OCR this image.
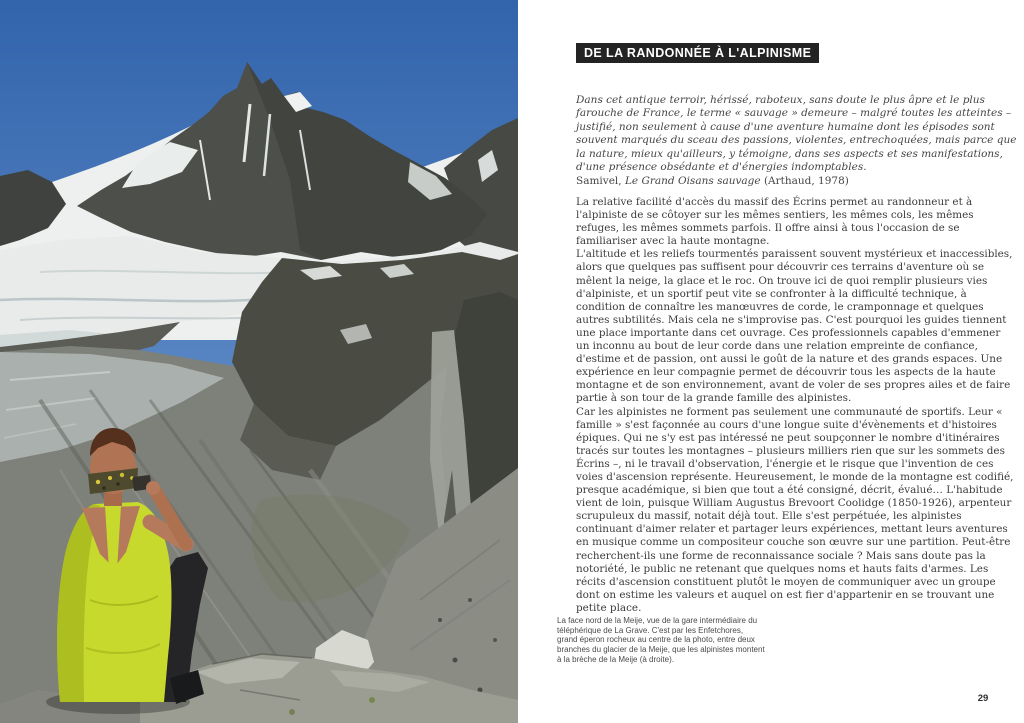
DE LA RANDONNÉE À L'ALPINISME
Dans cet antique terroir, hérissé, raboteux, sans doute le plus âpre et le plus farouche de France, le terme « sauvage » demeure – malgré toutes les atteintes – justifié, non seulement à cause d'une aventure humaine dont les épisodes sont souvent marqués du sceau des passions, violentes, entrechoquées, mais parce que la nature, mieux qu'ailleurs, y témoigne, dans ses aspects et ses manifestations, d'une présence obsédante et d'énergies indomptables.
Samivel, Le Grand Oisans sauvage (Arthaud, 1978)

La relative facilité d'accès du massif des Écrins permet au randonneur et à l'alpiniste de se côtoyer sur les mêmes sentiers, les mêmes cols, les mêmes refuges, les mêmes sommets parfois. Il offre ainsi à tous l'occasion de se familiariser avec la haute montagne.

L'altitude et les reliefs tourmentés paraissent souvent mystérieux et inaccessibles, alors que quelques pas suffisent pour découvrir ces terrains d'aventure où se mêlent la neige, la glace et le roc. On trouve ici de quoi remplir plusieurs vies d'alpiniste, et un sportif peut vite se confronter à la difficulté technique, à condition de connaître les manœuvres de corde, le cramponnage et quelques autres subtilités. Mais cela ne s'improvise pas. C'est pourquoi les guides tiennent une place importante dans cet ouvrage. Ces professionnels capables d'emmener un inconnu au bout de leur corde dans une relation empreinte de confiance, d'estime et de passion, ont aussi le goût de la nature et des grands espaces. Une expérience en leur compagnie permet de découvrir tous les aspects de la haute montagne et de son environnement, avant de voler de ses propres ailes et de faire partie à son tour de la grande famille des alpinistes.

Car les alpinistes ne forment pas seulement une communauté de sportifs. Leur « famille » s'est façonnée au cours d'une longue suite d'évènements et d'histoires épiques. Qui ne s'y est pas intéressé ne peut soupçonner le nombre d'itinéraires tracés sur toutes les montagnes – plusieurs milliers rien que sur les sommets des Écrins –, ni le travail d'observation, l'énergie et le risque que l'invention de ces voies d'ascension représente. Heureusement, le monde de la montagne est codifié, presque académique, si bien que tout a été consigné, décrit, évalué… L'habitude vient de loin, puisque William Augustus Brevoort Coolidge (1850-1926), arpenteur scrupuleux du massif, notait déjà tout. Elle s'est perpétuée, les alpinistes continuant d'aimer relater et partager leurs expériences, mettant leurs aventures en musique comme un compositeur couche son œuvre sur une partition. Peut-être recherchent-ils une forme de reconnaissance sociale ? Mais sans doute pas la notoriété, le public ne retenant que quelques noms et hauts faits d'armes. Les récits d'ascension constituent plutôt le moyen de communiquer avec un groupe dont on estime les valeurs et auquel on est fier d'appartenir en se trouvant une petite place.

La face nord de la Meije, vue de la gare intermédiaire du téléphérique de La Grave. C'est par les Enfetchores, grand éperon rocheux au centre de la photo, entre deux branches du glacier de la Meije, que les alpinistes montent à la brèche de la Meije (à droite).
29
